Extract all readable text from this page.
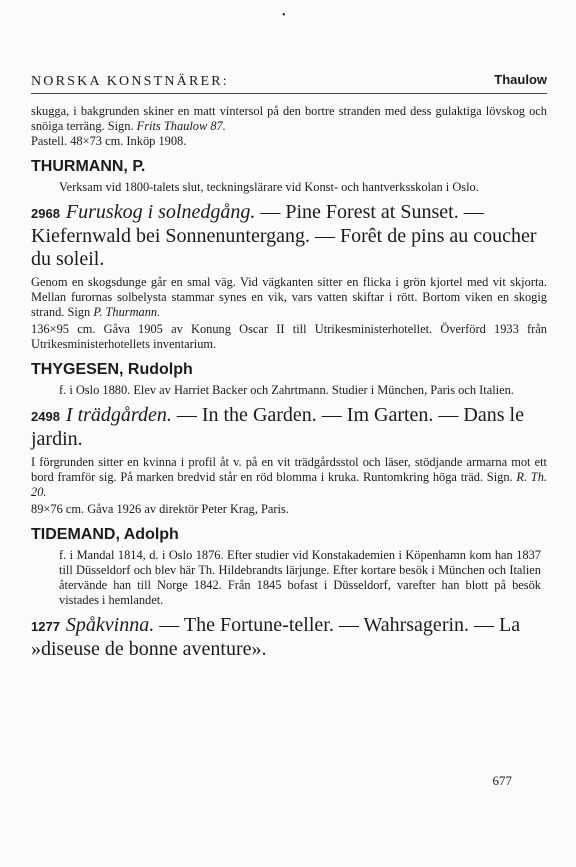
•
NORSKA KONSTNÄRER:	Thaulow
skugga, i bakgrunden skiner en matt vintersol på den bortre stranden med dess gulaktiga lövskog och snöiga terräng. Sign. Frits Thaulow 87.
Pastell. 48×73 cm. Inköp 1908.
THURMANN, P.
Verksam vid 1800-talets slut, teckningslärare vid Konst- och hantverksskolan i Oslo.
2968 Furuskog i solnedgång. — Pine Forest at Sunset. — Kiefernwald bei Sonnenuntergang. — Forêt de pins au coucher du soleil.
Genom en skogsdunge går en smal väg. Vid vägkanten sitter en flicka i grön kjortel med vit skjorta. Mellan furornas solbelysta stammar synes en vik, vars vatten skiftar i rött. Bortom viken en skogig strand. Sign P. Thurmann.
136×95 cm. Gåva 1905 av Konung Oscar II till Utrikesministerhotellet. Överförd 1933 från Utrikesministerhotellets inventarium.
THYGESEN, Rudolph
f. i Oslo 1880. Elev av Harriet Backer och Zahrtmann. Studier i München, Paris och Italien.
2498 I trädgården. — In the Garden. — Im Garten. — Dans le jardin.
I förgrunden sitter en kvinna i profil åt v. på en vit trädgårdsstol och läser, stödjande armarna mot ett bord framför sig. På marken bredvid står en röd blomma i kruka. Runtomkring höga träd. Sign. R. Th. 20.
89×76 cm. Gåva 1926 av direktör Peter Krag, Paris.
TIDEMAND, Adolph
f. i Mandal 1814, d. i Oslo 1876. Efter studier vid Konstakademien i Köpenhamn kom han 1837 till Düsseldorf och blev här Th. Hildebrandts lärjunge. Efter kortare besök i München och Italien återvände han till Norge 1842. Från 1845 bofast i Düsseldorf, varefter han blott på besök vistades i hemlandet.
1277 Spåkvinna. — The Fortune-teller. — Wahrsagerin. — La »diseuse de bonne aventure».
677
